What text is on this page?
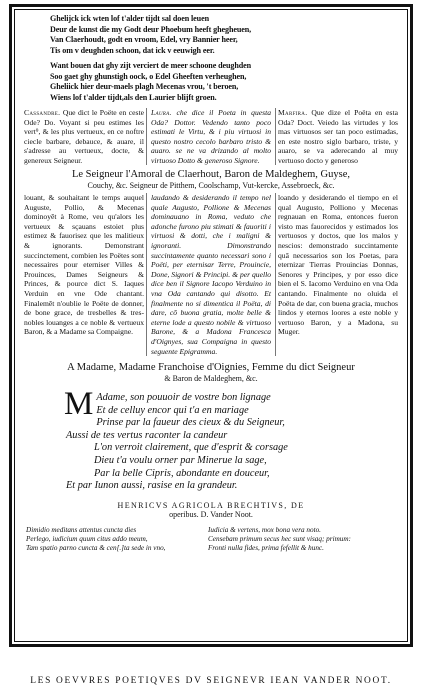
Ghelijck ick wten lof t'alder tijdt sal doen leuen
Deur de kunst die my Godt deur Phoebum heeft ghegheuen,
Van Claerhoudt, godt en vroom, Edel, vry Bannier heer,
Tis om v deughden schoon, dat ick v eeuwigh eer.
Want bouen dat ghy zijt verciert de meer schoone deughden
Soo gaet ghy ghunstigh oock, o Edel Gheeften verheughen,
Gheliick hier deur-maels plagh Mecenas vrou, 't beroen,
Wiens lof t'alder tijdt,als den Laurier blijft groen.
Cassandre. Que dict le Poëte en ceste Ode? Do. Voyant si peu estimes les vert⁹, & les plus vertueux, en ce noftre ciecle barbare, debauce, & auare, il s'adresse au vertueux, docte, & genereux Seigneur.
Laura. che dice il Poeta in questa Oda? Dottor. Vedendo tanto poco estimati le Virtu, & i piu virtuosi in questo nostro cecolo barbaro tristo & auaro. se ne va drizando al molto virtuoso Dotto & generoso Signore.
Marfira. Que dize el Poëta en esta Oda? Doct. Veiedo las virtudes y los mas virtuosos ser tan poco estimadas, en este nostro siglo barbaro, triste, y auaro, se va aderecando al muy vertuoso docto y generoso
Le Seigneur l'Amoral de Claerhout, Baron de Maldeghem, Guyse,
Couchy, &c. Seigneur de Pitthem, Coolschamp, Vut-kercke, Assebroeck, &c.
louant, & souhaitant le temps auquel Auguste, Pollio, & Mecenas dominoyēt à Rome, veu qu'alors les vertueux & sçauans estoiet plus estimez & fauorisez que les malitieux & ignorants. Demonstrant succinctement, combien les Poëtes sont necessaires pour eterniser Villes & Prouinces, Dames Seigneurs & Princes, & pource dict S. Iaques Verduin en vne Ode chantant. Finalemēt n'oublie le Poëte de donner, de bone grace, de tresbelles & tres-nobles louanges a ce noble & vertueux Baron, & a Madame sa Compaigne.
laudando & desiderando il tempo nel quale Augusto, Pollione & Mecenas dominauano in Roma, veduto che adonche furono piu stimati & fauoriti i virtuosi & dotti, che i maligni & ignoranti. Dimonstrando succintamente quanto necessari sono i Poëti, per eternisar Terre, Prouincie, Done, Signori & Principi. & per quello dice ben il Signore Iacopo Verduino in vna Oda cantando qui disotto. Et finalmente no si dimentica il Poëta, di dare, cō buona gratia, molte belle & eterne lode a questo nobile & virtuoso Barone, & a Madona Francesca d'Oignyes, sua Compaigna in questo seguente Epigramma.
loando y desiderando el tiempo en el qual Augusto, Polliono y Mecenas regnauan en Roma, entonces fueron visto mas fauorecidos y estimados los vertuosos y doctos, que los malos y nescios: demonstrado succintamente quā necessarios son los Poetas, para eternizar Tierras Prouincias Donnas, Senores y Principes, y por esso dice bien el S. Iacomo Verduino en vna Oda cantando. Finalmente no oluida el Poëta de dar, con buena gracia, muchos lindos y eternos loores a este noble y vertuoso Baron, y a Madona, su Muger.
A Madame, Madame Franchoise d'Oignies, Femme du dict Seigneur
& Baron de Maldeghem, &c.
M Adame, son pouuoir de vostre bon lignage
Et de celluy encor qui t'a en mariage
Prinse par la faueur des cieux & du Seigneur,
Aussi de tes vertus raconter la candeur
L'on verroit clairement, que d'esprit & corsage
Dieu t'a voulu orner par Minerue la sage,
Par la belle Cipris, abondante en douceur,
Et par Iunon aussi, rasise en la grandeur.
HENRICVS AGRICOLA BRECHTIVS, DE
operibus. D. Vander Noot.
Dimidio meditans attentus cuncta dies
Perlego, iudicium quum citus addo meum,
Tam spatio parno cuncta & cen[.]ta sede in vno,
Iudicia & vertens, mox bona vera noto.
Censebam primum secus hec sunt visaq; primum:
Fronti nulla fides, prima fefellit & hunc.
LES OEVVRES POETIQVES DV SEIGNEVR IEAN VANDER NOOT.
